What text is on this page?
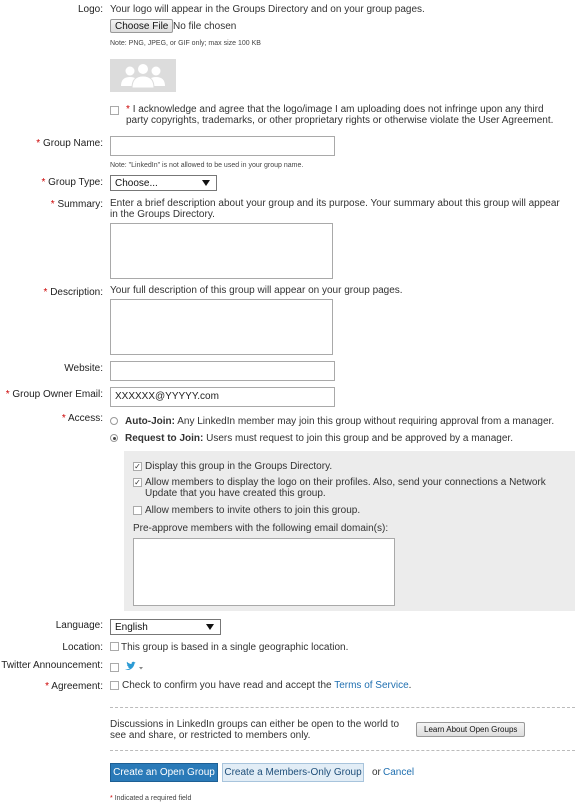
Logo: Your logo will appear in the Groups Directory and on your group pages.
Choose File No file chosen
Note: PNG, JPEG, or GIF only; max size 100 KB
* I acknowledge and agree that the logo/image I am uploading does not infringe upon any third party copyrights, trademarks, or other proprietary rights or otherwise violate the User Agreement.
* Group Name:
Note: "LinkedIn" is not allowed to be used in your group name.
* Group Type:	Choose...
* Summary: Enter a brief description about your group and its purpose. Your summary about this group will appear in the Groups Directory.
* Description: Your full description of this group will appear on your group pages.
Website:
* Group Owner Email:	XXXXXX@YYYYY.com
* Access: Auto-Join: Any LinkedIn member may join this group without requiring approval from a manager.
Request to Join: Users must request to join this group and be approved by a manager.
✓ Display this group in the Groups Directory.
✓ Allow members to display the logo on their profiles. Also, send your connections a Network Update that you have created this group.
Allow members to invite others to join this group.
Pre-approve members with the following email domain(s):
Language:	English
Location: This group is based in a single geographic location.
Twitter Announcement:
* Agreement: Check to confirm you have read and accept the Terms of Service.
Discussions in LinkedIn groups can either be open to the world to see and share, or restricted to members only.
Learn About Open Groups
Create an Open Group Create a Members-Only Group or Cancel
* Indicated a required field
